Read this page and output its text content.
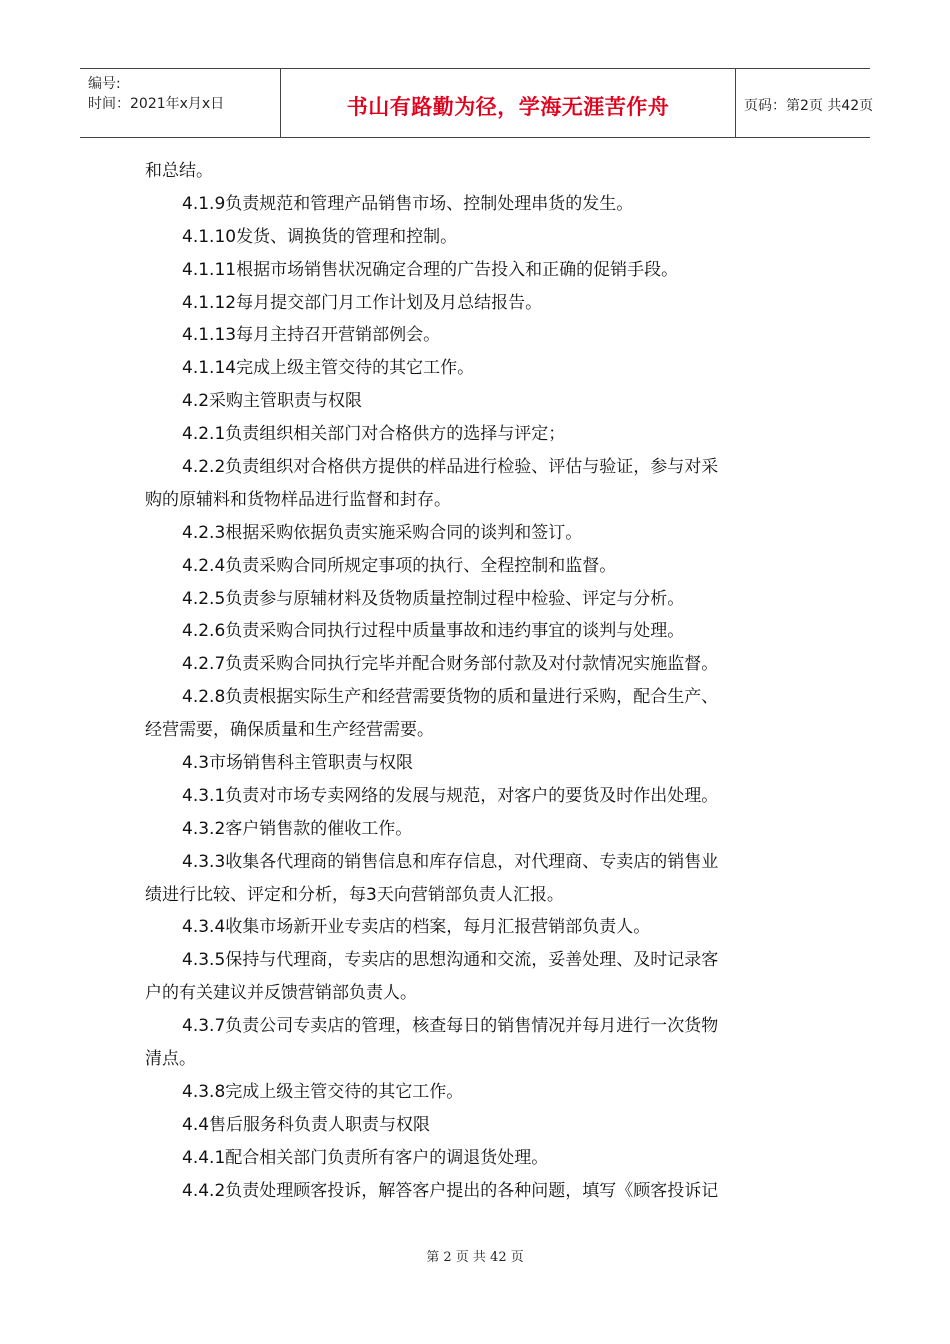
编号:
时间：2021年x月x日	书山有路勤为径，学海无涯苦作舟	页码：第2页 共42页
和总结。
4.1.9负责规范和管理产品销售市场、控制处理串货的发生。
4.1.10发货、调换货的管理和控制。
4.1.11根据市场销售状况确定合理的广告投入和正确的促销手段。
4.1.12每月提交部门月工作计划及月总结报告。
4.1.13每月主持召开营销部例会。
4.1.14完成上级主管交待的其它工作。
4.2采购主管职责与权限
4.2.1负责组织相关部门对合格供方的选择与评定；
4.2.2负责组织对合格供方提供的样品进行检验、评估与验证，参与对采
购的原辅料和货物样品进行监督和封存。
4.2.3根据采购依据负责实施采购合同的谈判和签订。
4.2.4负责采购合同所规定事项的执行、全程控制和监督。
4.2.5负责参与原辅材料及货物质量控制过程中检验、评定与分析。
4.2.6负责采购合同执行过程中质量事故和违约事宜的谈判与处理。
4.2.7负责采购合同执行完毕并配合财务部付款及对付款情况实施监督。
4.2.8负责根据实际生产和经营需要货物的质和量进行采购，配合生产、
经营需要，确保质量和生产经营需要。
4.3市场销售科主管职责与权限
4.3.1负责对市场专卖网络的发展与规范，对客户的要货及时作出处理。
4.3.2客户销售款的催收工作。
4.3.3收集各代理商的销售信息和库存信息，对代理商、专卖店的销售业
绩进行比较、评定和分析，每3天向营销部负责人汇报。
4.3.4收集市场新开业专卖店的档案，每月汇报营销部负责人。
4.3.5保持与代理商，专卖店的思想沟通和交流，妥善处理、及时记录客
户的有关建议并反馈营销部负责人。
4.3.7负责公司专卖店的管理，核查每日的销售情况并每月进行一次货物
清点。
4.3.8完成上级主管交待的其它工作。
4.4售后服务科负责人职责与权限
4.4.1配合相关部门负责所有客户的调退货处理。
4.4.2负责处理顾客投诉，解答客户提出的各种问题，填写《顾客投诉记
第 2 页 共 42 页
